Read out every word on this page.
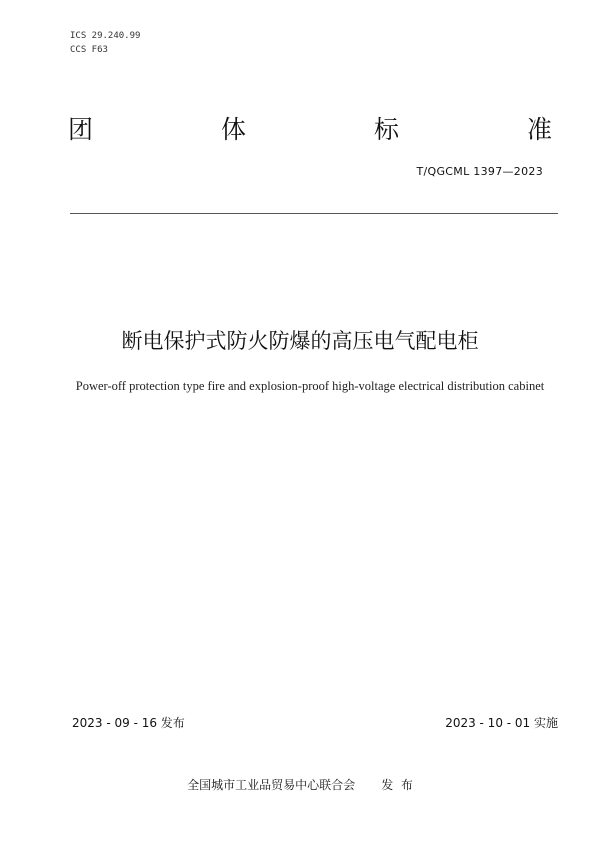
ICS 29.240.99
CCS F63
团	体	标	准
T/QGCML 1397—2023
断电保护式防火防爆的高压电气配电柜
Power-off protection type fire and explosion-proof high-voltage electrical distribution cabinet
2023 - 09 - 16 发布	2023 - 10 - 01 实施
全国城市工业品贸易中心联合会 发  布
